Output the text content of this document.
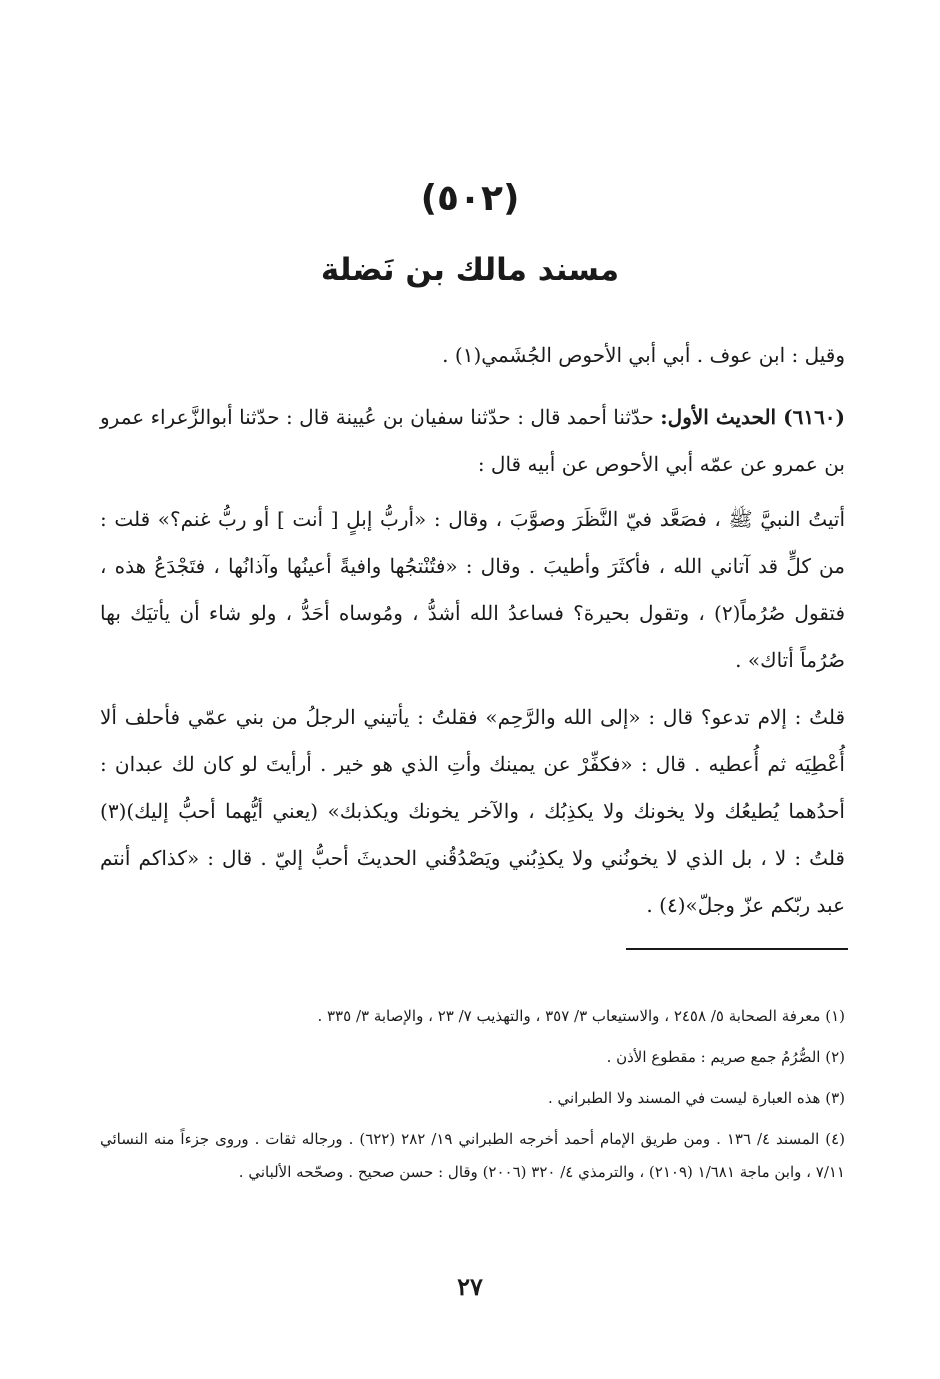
(٥٠٢)
مسند مالك بن نَضلة

وقيل : ابن عوف . أبي أبي الأحوص الجُشَمي(١) .

(٦١٦٠) الحديث الأول: حدّثنا أحمد قال : حدّثنا سفيان بن عُيينة قال : حدّثنا أبوالزَّعراء عمرو بن عمرو عن عمّه أبي الأحوص عن أبيه قال :

أتيتُ النبيَّ ﷺ ، فصَعَّد فيّ النَّظَرَ وصوَّبَ ، وقال : «أربُّ إبلٍ [ أنت ] أو ربُّ غنم؟» قلت : من كلٍّ قد آتاني الله ، فأكثَرَ وأطيبَ . وقال : «فتُنْتجُها وافيةً أعينُها وآذانُها ، فتَجْدَعُ هذه ، فتقول صُرُماً(٢) ، وتقول بحيرة؟ فساعدُ الله أشدُّ ، ومُوساه أحَدُّ ، ولو شاء أن يأتيَك بها صُرُماً أتاك» .

قلتُ : إلام تدعو؟ قال : «إلى الله والرَّحِم» فقلتُ : يأتيني الرجلُ من بني عمّي فأحلف ألا أُعْطِيَه ثم أُعطيه . قال : «فكفِّرْ عن يمينك وأتِ الذي هو خير . أرأيتَ لو كان لك عبدان : أحدُهما يُطيعُك ولا يخونك ولا يكذِبُك ، والآخر يخونك ويكذبك» (يعني أيُّهما أحبُّ إليك)(٣) قلتُ : لا ، بل الذي لا يخونُني ولا يكذِبُني ويَصْدُقُني الحديثَ أحبُّ إليّ . قال : «كذاكم أنتم عبد ربّكم عزّ وجلّ»(٤) .

(١) معرفة الصحابة ٥/ ٢٤٥٨ ، والاستيعاب ٣/ ٣٥٧ ، والتهذيب ٧/ ٢٣ ، والإصابة ٣/ ٣٣٥ .

(٢) الصُّرُمُ جمع صريم : مقطوع الأذن .

(٣) هذه العبارة ليست في المسند ولا الطبراني .

(٤) المسند ٤/ ١٣٦ . ومن طريق الإمام أحمد أخرجه الطبراني ١٩/ ٢٨٢ (٦٢٢) . ورجاله ثقات . وروى جزءاً منه النسائي ٧/١١ ، وابن ماجة ١/٦٨١ (٢١٠٩) ، والترمذي ٤/ ٣٢٠ (٢٠٠٦) وقال : حسن صحيح . وصحّحه الألباني .

٢٧
